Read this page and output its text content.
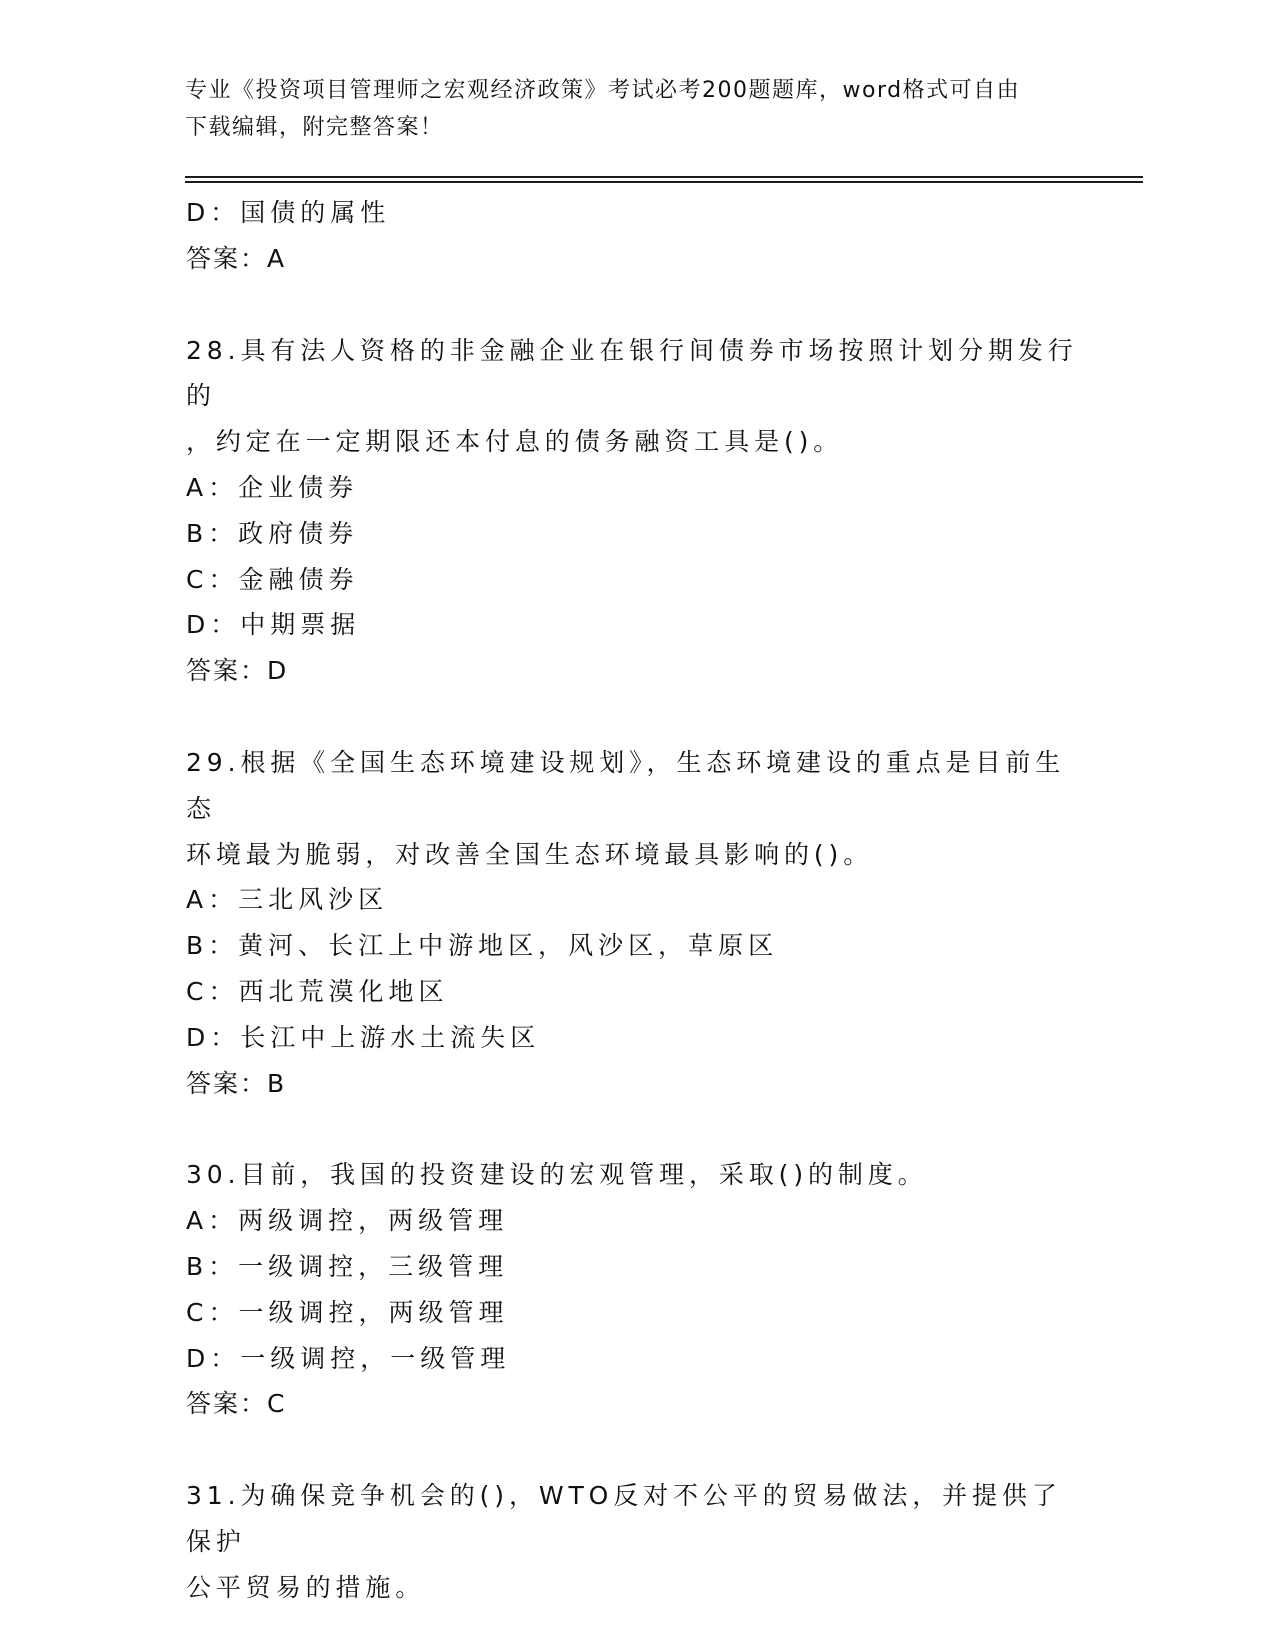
专业《投资项目管理师之宏观经济政策》考试必考200题题库，word格式可自由
下载编辑，附完整答案！
D：国债的属性
答案：A
28.具有法人资格的非金融企业在银行间债券市场按照计划分期发行的
，约定在一定期限还本付息的债务融资工具是()。
A：企业债券
B：政府债券
C：金融债券
D：中期票据
答案：D
29.根据《全国生态环境建设规划》，生态环境建设的重点是目前生态
环境最为脆弱，对改善全国生态环境最具影响的()。
A：三北风沙区
B：黄河、长江上中游地区，风沙区，草原区
C：西北荒漠化地区
D：长江中上游水土流失区
答案：B
30.目前，我国的投资建设的宏观管理，采取()的制度。
A：两级调控，两级管理
B：一级调控，三级管理
C：一级调控，两级管理
D：一级调控，一级管理
答案：C
31.为确保竞争机会的()，WTO反对不公平的贸易做法，并提供了保护
公平贸易的措施。
